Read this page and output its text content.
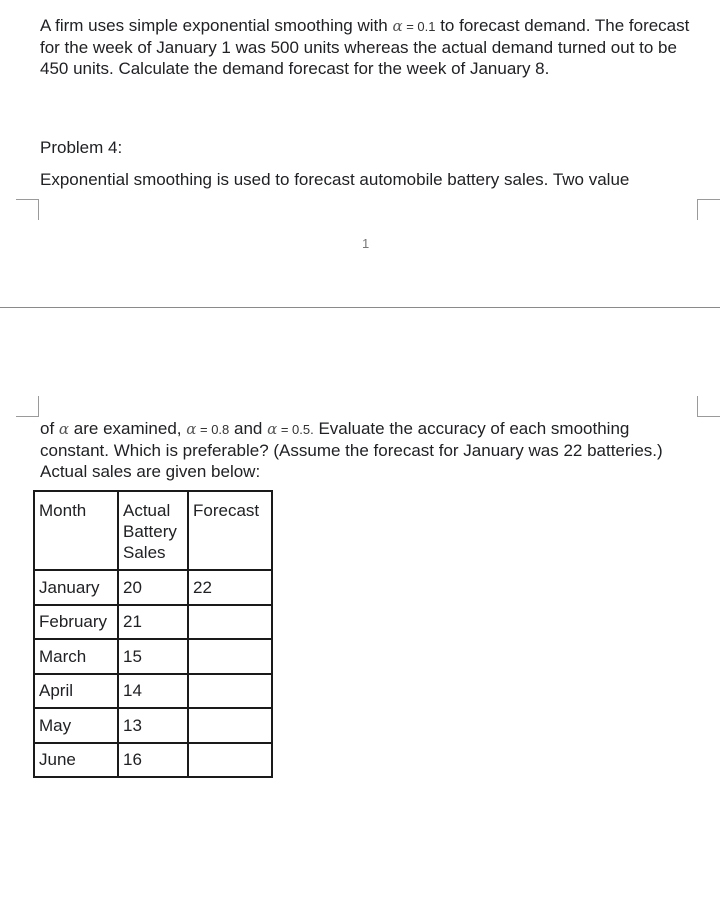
A firm uses simple exponential smoothing with α = 0.1 to forecast demand. The forecast for the week of January 1 was 500 units whereas the actual demand turned out to be 450 units. Calculate the demand forecast for the week of January 8.
Problem 4:
Exponential smoothing is used to forecast automobile battery sales. Two value
1
of α are examined, α = 0.8 and α = 0.5. Evaluate the accuracy of each smoothing constant. Which is preferable? (Assume the forecast for January was 22 batteries.) Actual sales are given below:
Month	Actual Battery Sales	Forecast
January	20	22
February	21	
March	15	
April	14	
May	13	
June	16	
